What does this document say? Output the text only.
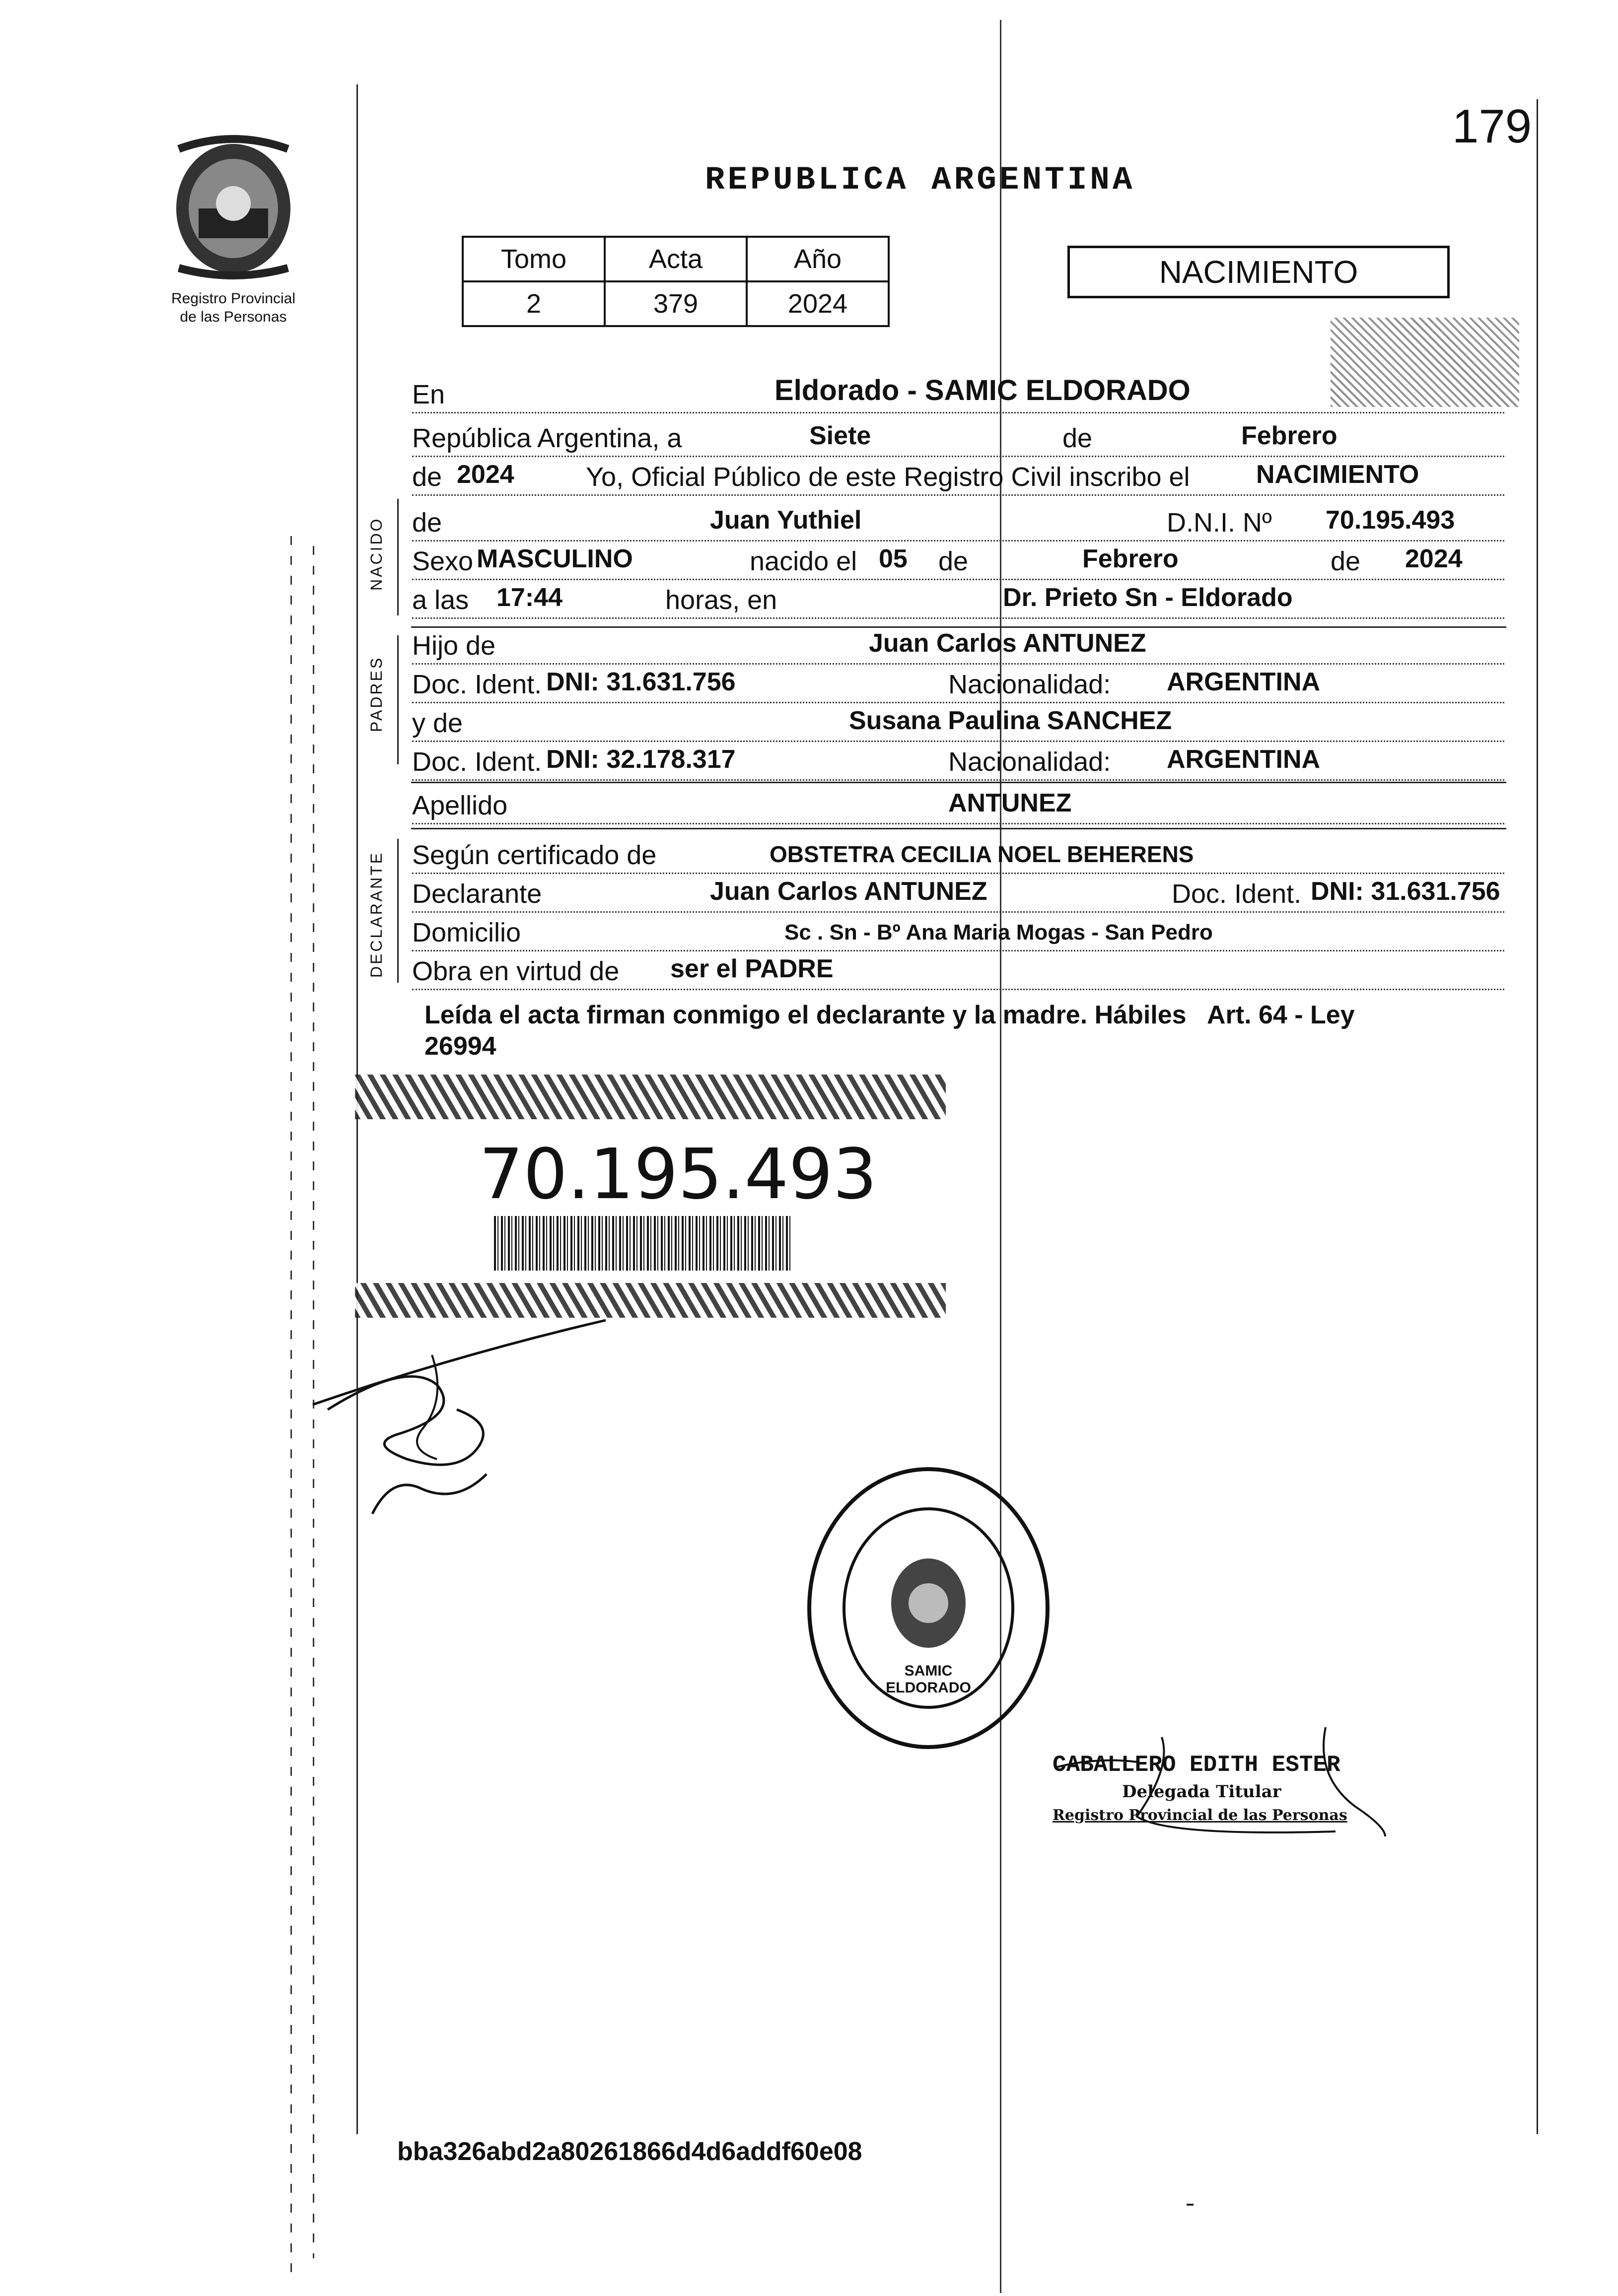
179
Registro Provincial
de las Personas
REPUBLICA ARGENTINA
Tomo	Acta	Año
2	379	2024
NACIMIENTO
En	Eldorado - SAMIC ELDORADO
República Argentina, a	Siete	de	Febrero
de 2024	Yo, Oficial Público de este Registro Civil inscribo el	NACIMIENTO
NACIDO de	Juan Yuthiel	D.N.I. Nº 70.195.493
Sexo MASCULINO	nacido el 05 de	Febrero	de 2024
a las 17:44	horas, en	Dr. Prieto Sn - Eldorado
PADRES
Hijo de	Juan Carlos ANTUNEZ
Doc. Ident. DNI: 31.631.756	Nacionalidad: ARGENTINA
y de	Susana Paulina SANCHEZ
Doc. Ident. DNI: 32.178.317	Nacionalidad: ARGENTINA
Apellido	ANTUNEZ
DECLARANTE Según certificado de	OBSTETRA CECILIA NOEL BEHERENS
Declarante	Juan Carlos ANTUNEZ	Doc. Ident. DNI: 31.631.756
Domicilio	Sc . Sn - Bº Ana Maria Mogas - San Pedro
Obra en virtud de ser el PADRE
Leída el acta firman conmigo el declarante y la madre. Hábiles   Art. 64 - Ley
26994
70.195.493
SAMIC ELDORADO
CABALLERO EDITH ESTER
Delegada Titular
Registro Provincial de las Personas
bba326abd2a80261866d4d6addf60e08
